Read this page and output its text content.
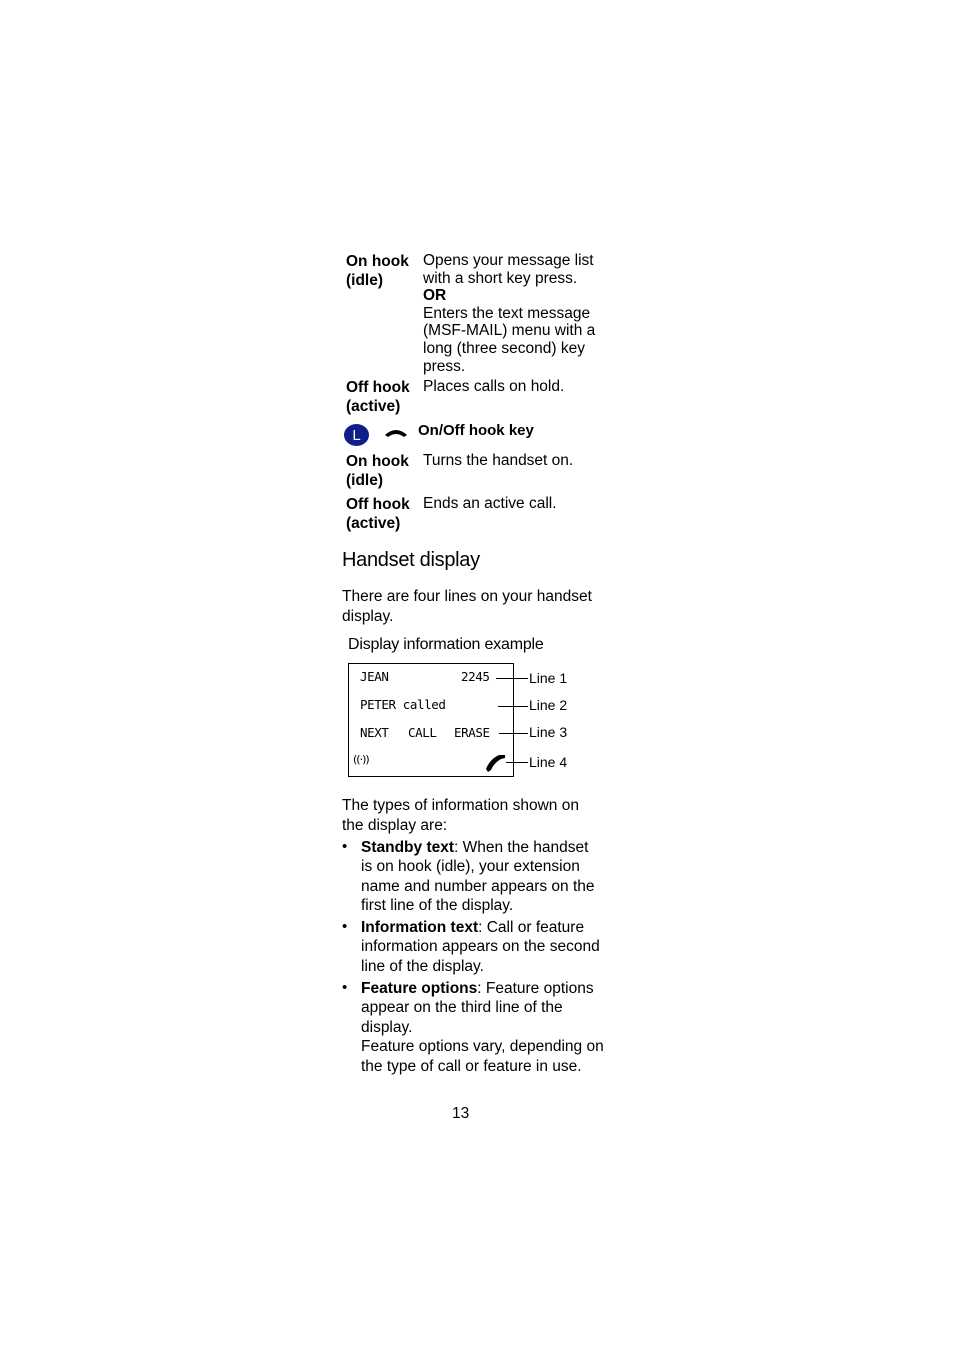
On hook
(idle)
Opens your message list
with a short key press.
OR
Enters the text message
(MSF-MAIL) menu with a
long (three second) key
press.
Off hook
(active)
Places calls on hold.
L	On/Off hook key
On hook
(idle)
Turns the handset on.
Off hook
(active)
Ends an active call.
Handset display
There are four lines on your handset
display.
Display information example
JEAN	2245
PETER called
NEXT CALL ERASE
((·))
Line 1
Line 2
Line 3
Line 4
The types of information shown on
the display are:
• Standby text: When the handset
is on hook (idle), your extension
name and number appears on the
first line of the display.
• Information text: Call or feature
information appears on the second
line of the display.
• Feature options: Feature options
appear on the third line of the
display.
Feature options vary, depending on
the type of call or feature in use.
13
